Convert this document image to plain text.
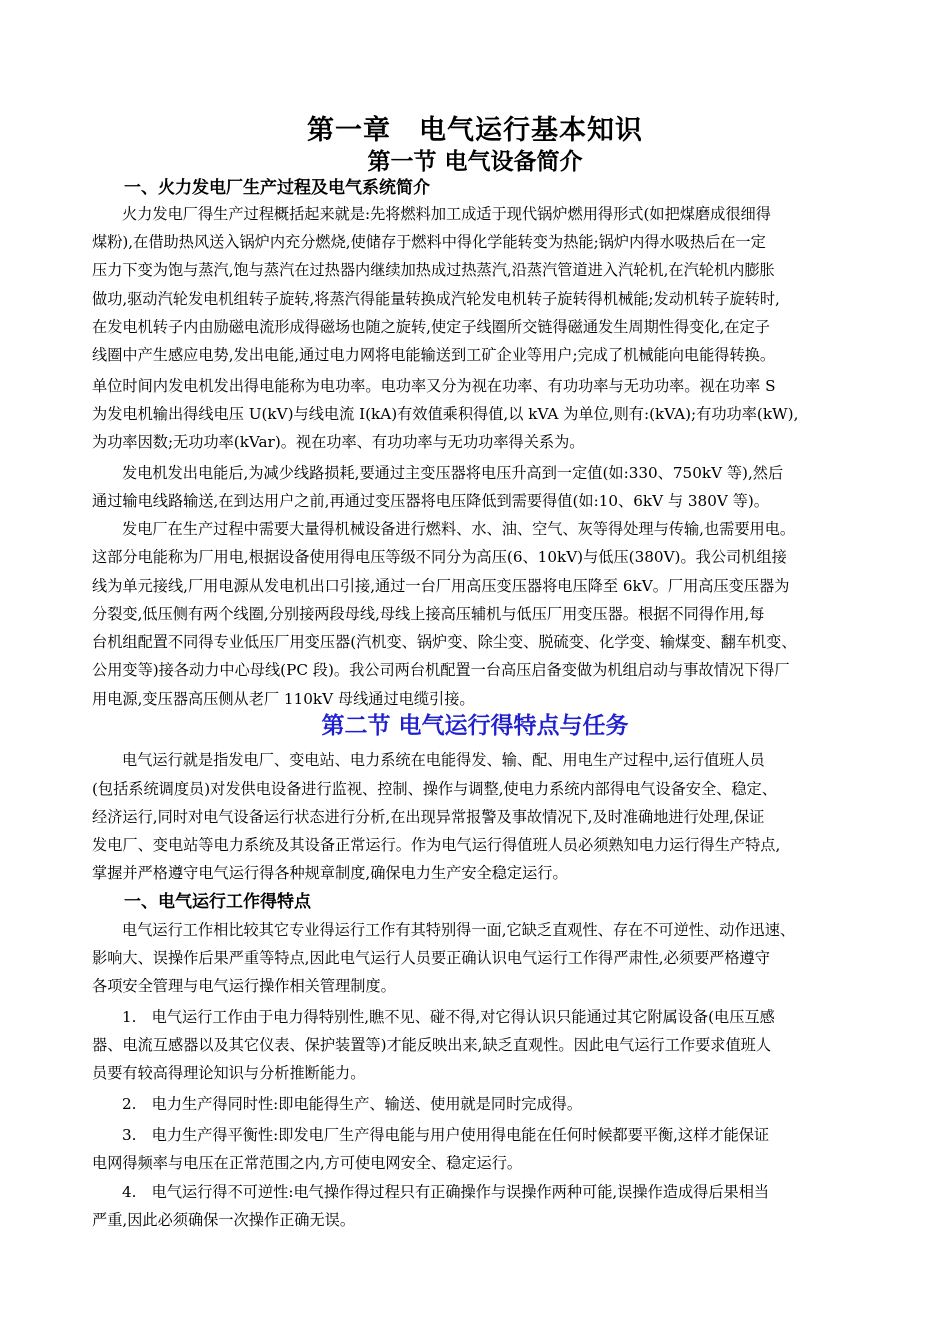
第一章　电气运行基本知识
第一节 电气设备简介
一、火力发电厂生产过程及电气系统简介
火力发电厂得生产过程概括起来就是:先将燃料加工成适于现代锅炉燃用得形式(如把煤磨成很细得
煤粉),在借助热风送入锅炉内充分燃烧,使储存于燃料中得化学能转变为热能;锅炉内得水吸热后在一定
压力下变为饱与蒸汽,饱与蒸汽在过热器内继续加热成过热蒸汽,沿蒸汽管道进入汽轮机,在汽轮机内膨胀
做功,驱动汽轮发电机组转子旋转,将蒸汽得能量转换成汽轮发电机转子旋转得机械能;发动机转子旋转时,
在发电机转子内由励磁电流形成得磁场也随之旋转,使定子线圈所交链得磁通发生周期性得变化,在定子
线圈中产生感应电势,发出电能,通过电力网将电能输送到工矿企业等用户;完成了机械能向电能得转换。
单位时间内发电机发出得电能称为电功率。电功率又分为视在功率、有功功率与无功功率。视在功率 S
为发电机输出得线电压 U(kV)与线电流 I(kA)有效值乘积得值,以 kVA 为单位,则有:(kVA);有功功率(kW),
为功率因数;无功功率(kVar)。视在功率、有功功率与无功功率得关系为。
发电机发出电能后,为减少线路损耗,要通过主变压器将电压升高到一定值(如:330、750kV 等),然后
通过输电线路输送,在到达用户之前,再通过变压器将电压降低到需要得值(如:10、6kV 与 380V 等)。
发电厂在生产过程中需要大量得机械设备进行燃料、水、油、空气、灰等得处理与传输,也需要用电。
这部分电能称为厂用电,根据设备使用得电压等级不同分为高压(6、10kV)与低压(380V)。我公司机组接
线为单元接线,厂用电源从发电机出口引接,通过一台厂用高压变压器将电压降至 6kV。厂用高压变压器为
分裂变,低压侧有两个线圈,分别接两段母线,母线上接高压辅机与低压厂用变压器。根据不同得作用,每
台机组配置不同得专业低压厂用变压器(汽机变、锅炉变、除尘变、脱硫变、化学变、输煤变、翻车机变、
公用变等)接各动力中心母线(PC 段)。我公司两台机配置一台高压启备变做为机组启动与事故情况下得厂
用电源,变压器高压侧从老厂 110kV 母线通过电缆引接。
第二节 电气运行得特点与任务
电气运行就是指发电厂、变电站、电力系统在电能得发、输、配、用电生产过程中,运行值班人员
(包括系统调度员)对发供电设备进行监视、控制、操作与调整,使电力系统内部得电气设备安全、稳定、
经济运行,同时对电气设备运行状态进行分析,在出现异常报警及事故情况下,及时准确地进行处理,保证
发电厂、变电站等电力系统及其设备正常运行。作为电气运行得值班人员必须熟知电力运行得生产特点,
掌握并严格遵守电气运行得各种规章制度,确保电力生产安全稳定运行。
一、电气运行工作得特点
电气运行工作相比较其它专业得运行工作有其特别得一面,它缺乏直观性、存在不可逆性、动作迅速、
影响大、误操作后果严重等特点,因此电气运行人员要正确认识电气运行工作得严肃性,必须要严格遵守
各项安全管理与电气运行操作相关管理制度。
1.　电气运行工作由于电力得特别性,瞧不见、碰不得,对它得认识只能通过其它附属设备(电压互感
器、电流互感器以及其它仪表、保护装置等)才能反映出来,缺乏直观性。因此电气运行工作要求值班人
员要有较高得理论知识与分析推断能力。
2.　电力生产得同时性:即电能得生产、输送、使用就是同时完成得。
3.　电力生产得平衡性:即发电厂生产得电能与用户使用得电能在任何时候都要平衡,这样才能保证
电网得频率与电压在正常范围之内,方可使电网安全、稳定运行。
4.　电气运行得不可逆性:电气操作得过程只有正确操作与误操作两种可能,误操作造成得后果相当
严重,因此必须确保一次操作正确无误。
